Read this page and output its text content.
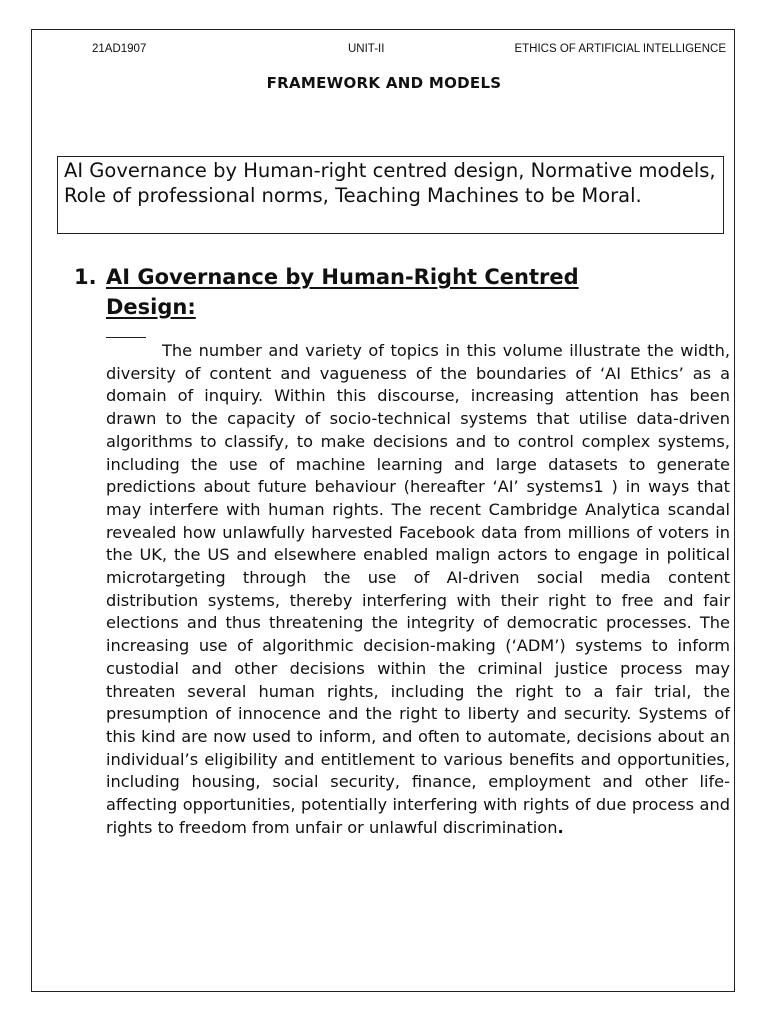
21AD1907	UNIT-II	ETHICS OF ARTIFICIAL INTELLIGENCE
FRAMEWORK AND MODELS
AI Governance by Human-right centred design, Normative models, Role of professional norms, Teaching Machines to be Moral.
1. AI Governance by Human-Right Centred Design:

The number and variety of topics in this volume illustrate the width, diversity of content and vagueness of the boundaries of ‘AI Ethics’ as a domain of inquiry. Within this discourse, increasing attention has been drawn to the capacity of socio-technical systems that utilise data-driven algorithms to classify, to make decisions and to control complex systems, including the use of machine learning and large datasets to generate predictions about future behaviour (hereafter ‘AI’ systems1 ) in ways that may interfere with human rights. The recent Cambridge Analytica scandal revealed how unlawfully harvested Facebook data from millions of voters in the UK, the US and elsewhere enabled malign actors to engage in political microtargeting through the use of AI-driven social media content distribution systems, thereby interfering with their right to free and fair elections and thus threatening the integrity of democratic processes. The increasing use of algorithmic decision-making (‘ADM’) systems to inform custodial and other decisions within the criminal justice process may threaten several human rights, including the right to a fair trial, the presumption of innocence and the right to liberty and security. Systems of this kind are now used to inform, and often to automate, decisions about an individual’s eligibility and entitlement to various benefits and opportunities, including housing, social security, finance, employment and other life-affecting opportunities, potentially interfering with rights of due process and rights to freedom from unfair or unlawful discrimination.
